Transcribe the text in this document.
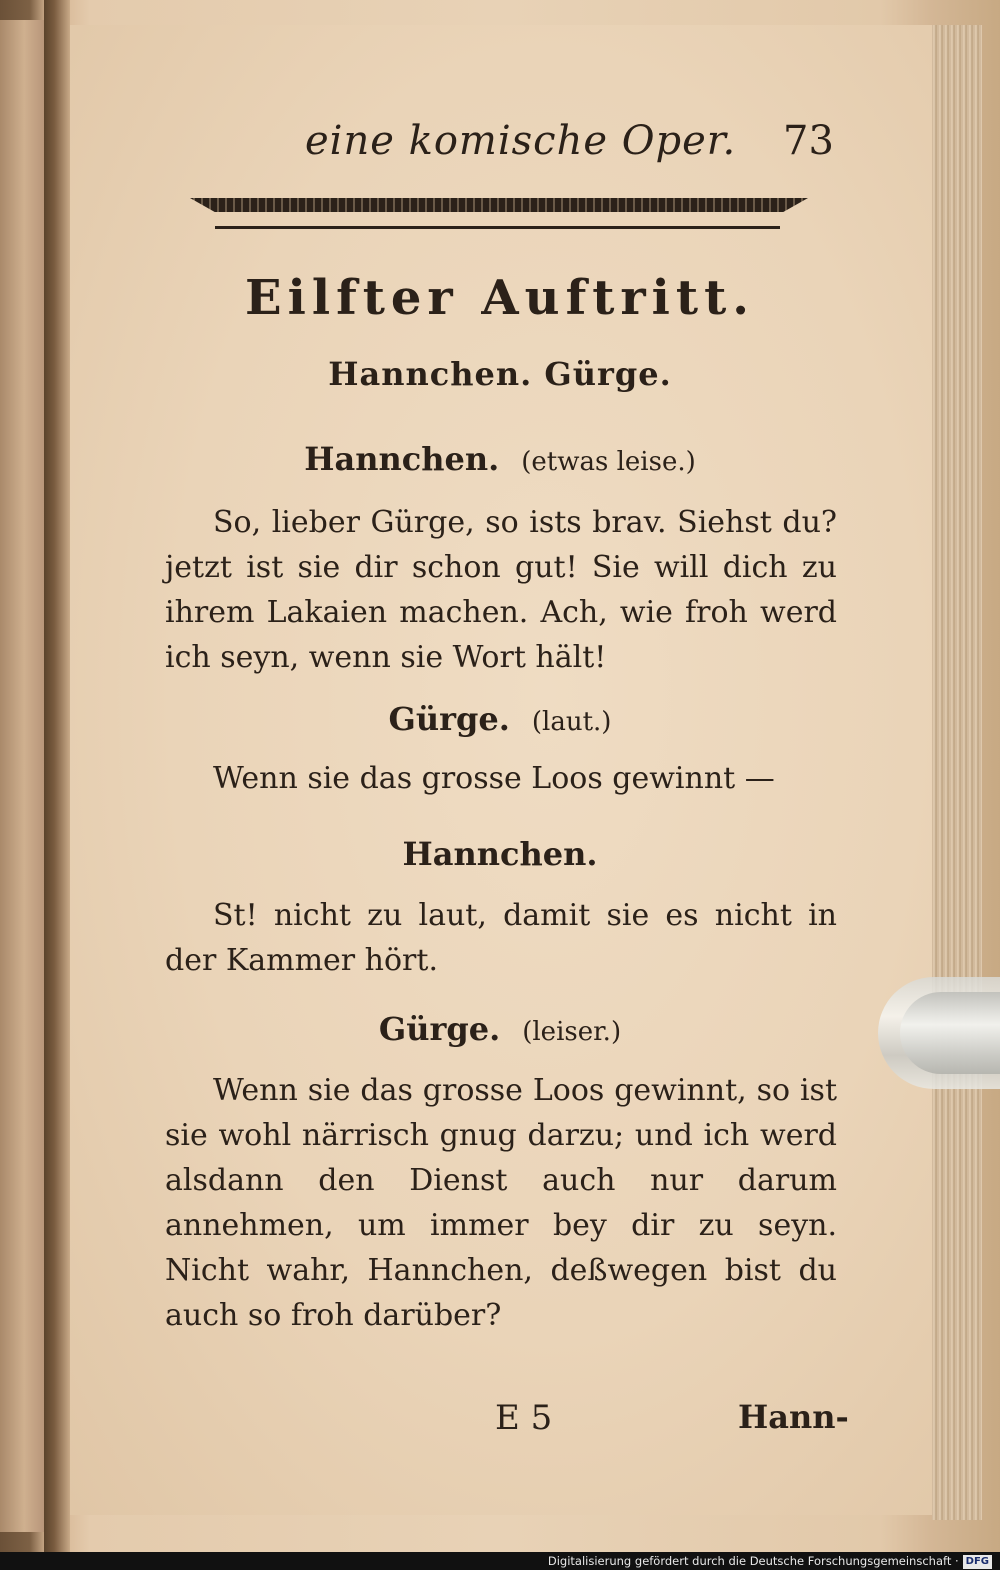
eine komische Oper. 73
Eilfter Auftritt.
Hannchen. Gürge.
Hannchen. (etwas leise.)
So, lieber Gürge, so ists brav. Siehst du? jetzt ist sie dir schon gut! Sie will dich zu ihrem Lakaien machen. Ach, wie froh werd ich seyn, wenn sie Wort hält!
Gürge. (laut.)
Wenn sie das grosse Loos gewinnt —
Hannchen.
St! nicht zu laut, damit sie es nicht in der Kammer hört.
Gürge. (leiser.)
Wenn sie das grosse Loos gewinnt, so ist sie wohl närrisch gnug darzu; und ich werd alsdann den Dienst auch nur darum annehmen, um immer bey dir zu seyn. Nicht wahr, Hannchen, deßwegen bist du auch so froh darüber?
E 5	Hann-
Digitalisierung gefördert durch die Deutsche Forschungsgemeinschaft · DFG
